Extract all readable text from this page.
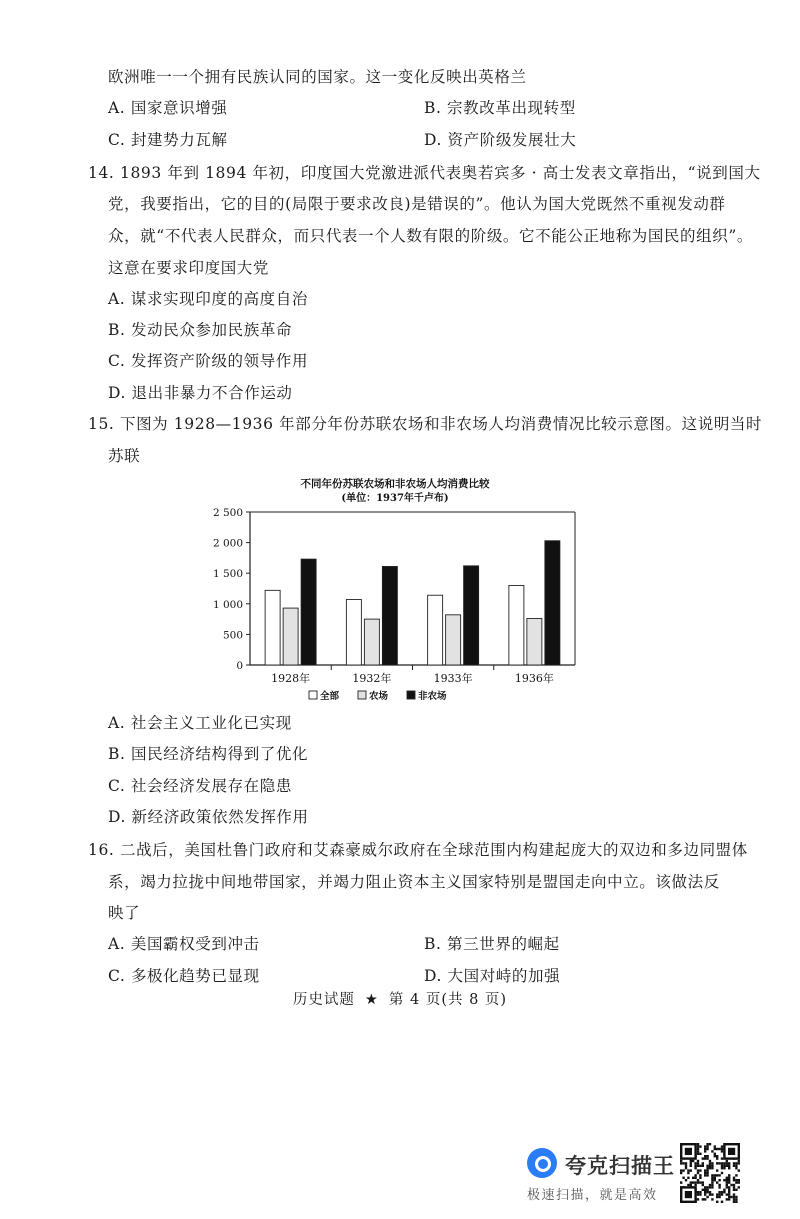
欧洲唯一一个拥有民族认同的国家。这一变化反映出英格兰
A. 国家意识增强	B. 宗教改革出现转型
C. 封建势力瓦解	D. 资产阶级发展壮大
14. 1893 年到 1894 年初，印度国大党激进派代表奥若宾多 · 高士发表文章指出，“说到国大
党，我要指出，它的目的(局限于要求改良)是错误的”。他认为国大党既然不重视发动群
众，就“不代表人民群众，而只代表一个人数有限的阶级。它不能公正地称为国民的组织”。
这意在要求印度国大党
A. 谋求实现印度的高度自治
B. 发动民众参加民族革命
C. 发挥资产阶级的领导作用
D. 退出非暴力不合作运动
15. 下图为 1928—1936 年部分年份苏联农场和非农场人均消费情况比较示意图。这说明当时
苏联
不同年份苏联农场和非农场人均消费比较
(单位：1937年千卢布)
0
500
1 000
1 500
2 000
2 500
1928年	1932年	1933年	1936年
全部	农场	非农场
A. 社会主义工业化已实现
B. 国民经济结构得到了优化
C. 社会经济发展存在隐患
D. 新经济政策依然发挥作用
16. 二战后，美国杜鲁门政府和艾森豪威尔政府在全球范围内构建起庞大的双边和多边同盟体
系，竭力拉拢中间地带国家，并竭力阻止资本主义国家特别是盟国走向中立。该做法反
映了
A. 美国霸权受到冲击	B. 第三世界的崛起
C. 多极化趋势已显现	D. 大国对峙的加强
历史试题 ★ 第 4 页(共 8 页)
夸克扫描王
极速扫描，就是高效
